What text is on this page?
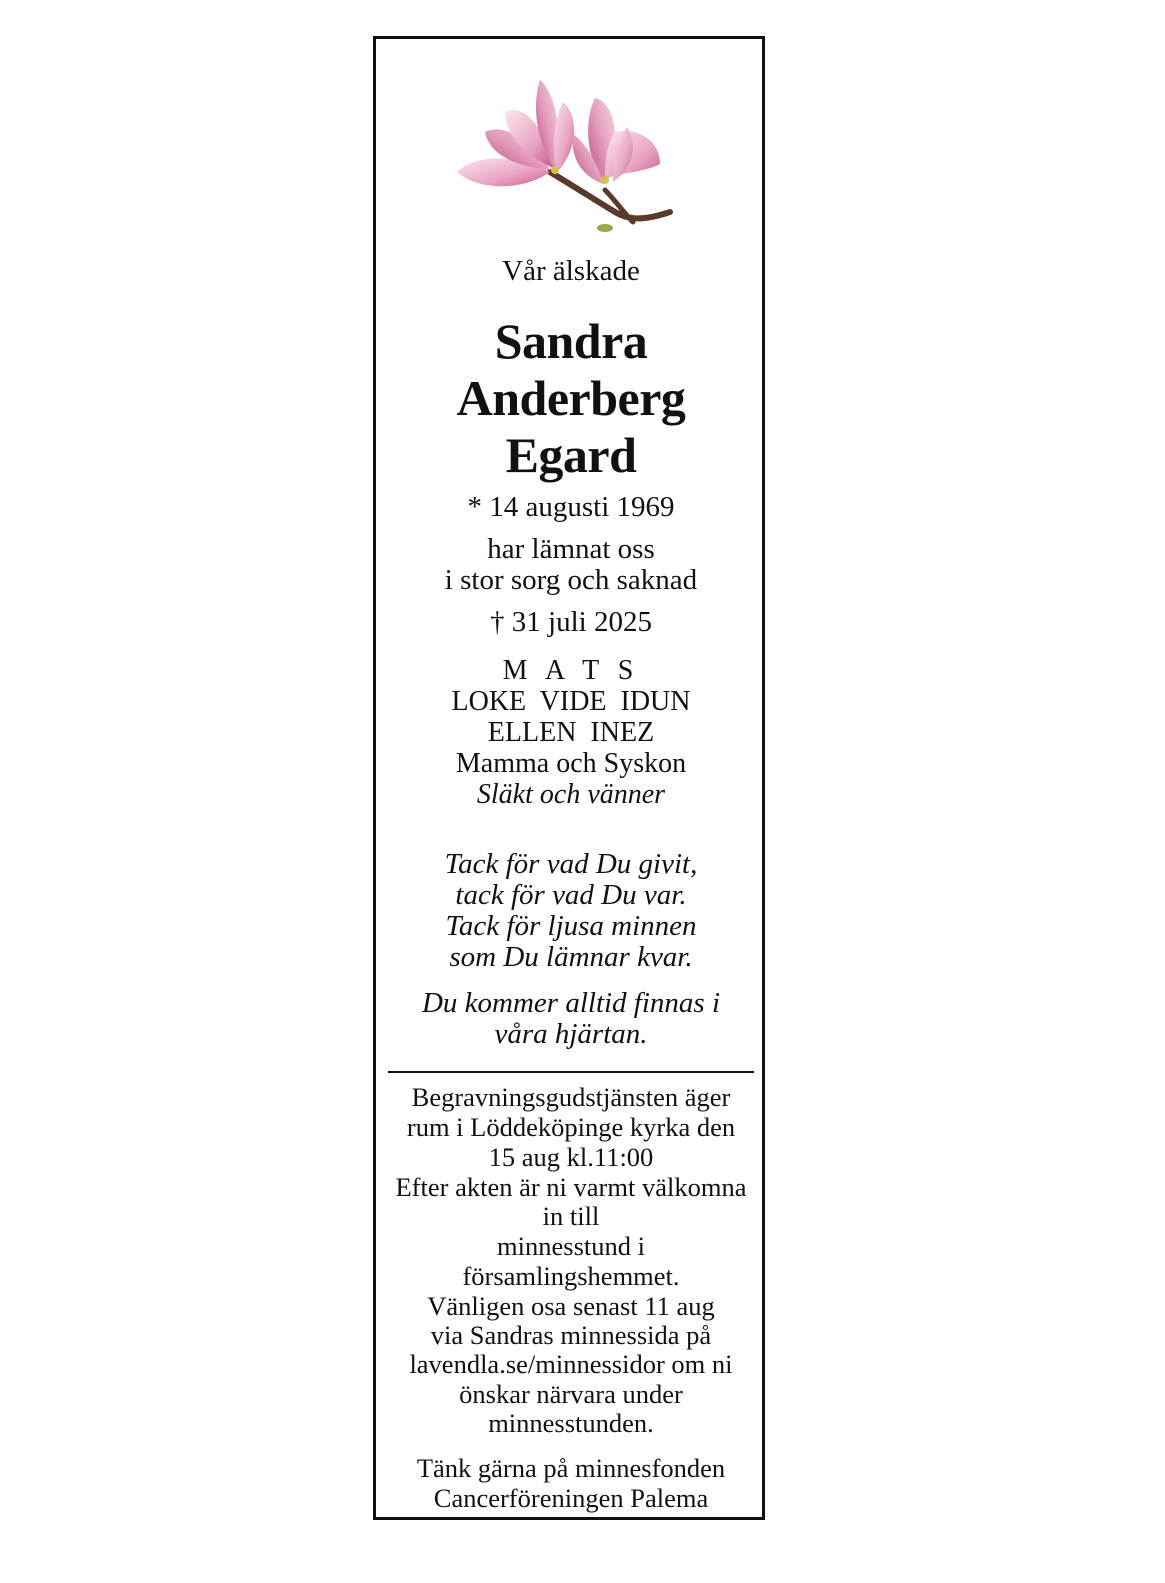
Vår älskade
Sandra
Anderberg
Egard
* 14 augusti 1969
har lämnat oss
i stor sorg och saknad
† 31 juli 2025
M A T S
LOKE  VIDE  IDUN
ELLEN  INEZ
Mamma och Syskon
Släkt och vänner
Tack för vad Du givit,
tack för vad Du var.
Tack för ljusa minnen
som Du lämnar kvar.
Du kommer alltid finnas i
våra hjärtan.
Begravningsgudstjänsten äger
rum i Löddeköpinge kyrka den
15 aug kl.11:00
Efter akten är ni varmt välkomna
in till
minnesstund i
församlingshemmet.
Vänligen osa senast 11 aug
via Sandras minnessida på
lavendla.se/minnessidor om ni
önskar närvara under
minnesstunden.
Tänk gärna på minnesfonden
Cancerföreningen Palema
